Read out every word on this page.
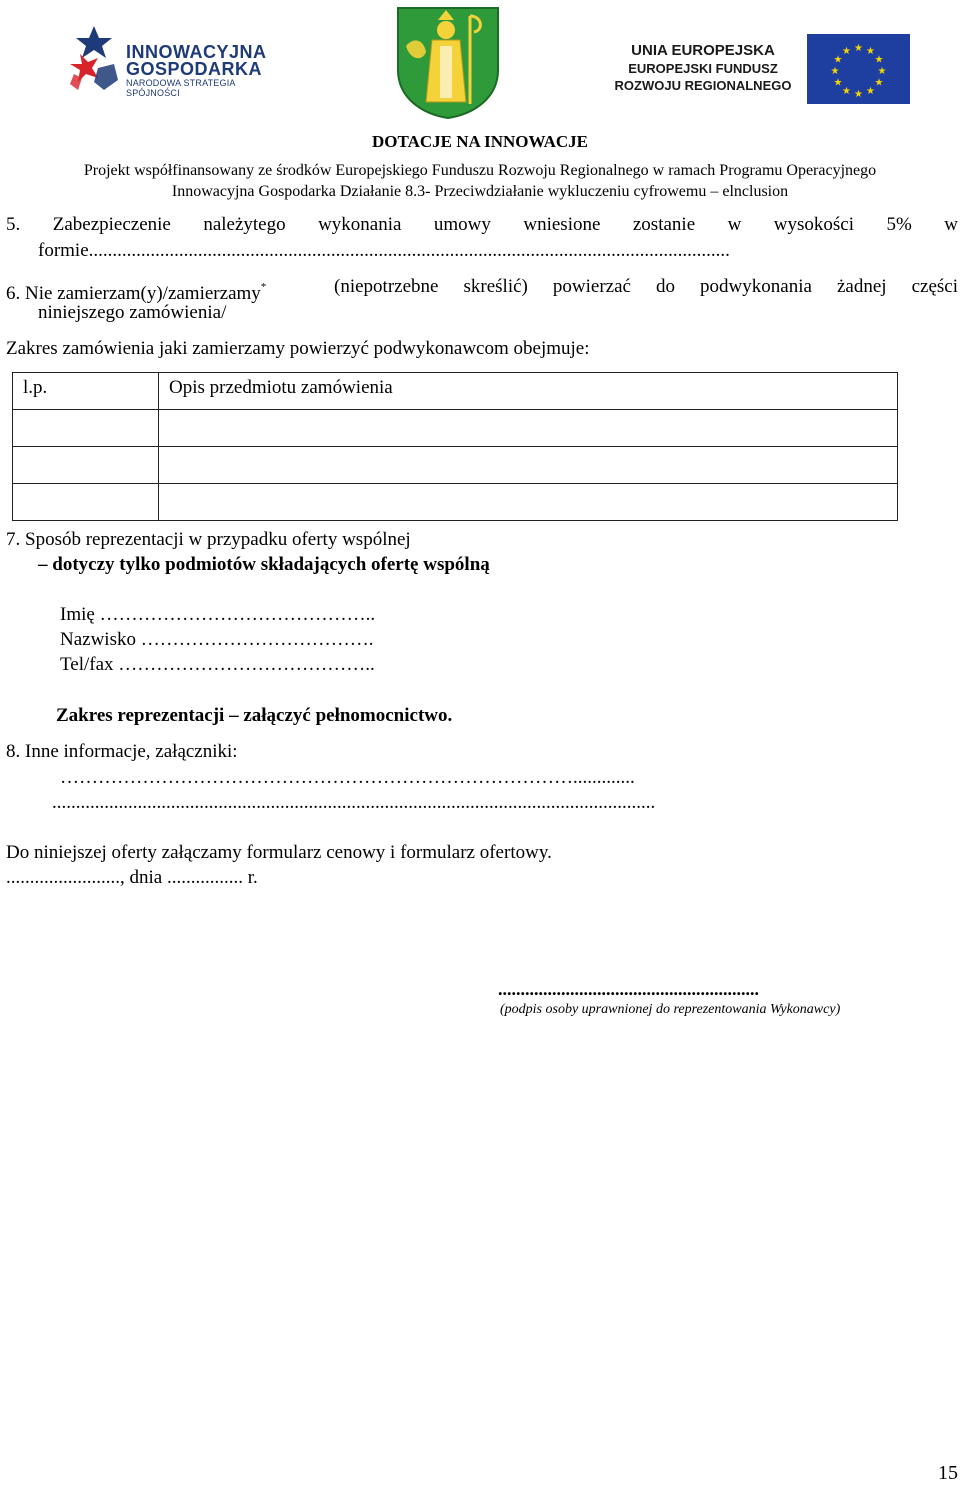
INNOWACYJNA
GOSPODARKA
NARODOWA STRATEGIA SPÓJNOŚCI
UNIA EUROPEJSKA
EUROPEJSKI FUNDUSZ
ROZWOJU REGIONALNEGO
★ ★
★
★
★
★
★
★
★
★
★
★
DOTACJE NA INNOWACJE
Projekt współfinansowany ze środków Europejskiego Funduszu Rozwoju Regionalnego w ramach Programu Operacyjnego
Innowacyjna Gospodarka Działanie 8.3- Przeciwdziałanie wykluczeniu cyfrowemu – elnclusion
5. Zabezpieczenie należytego wykonania umowy wniesione zostanie w wysokości 5% w
formie.......................................................................................................................................
6. Nie zamierzam(y)/zamierzamy*	(niepotrzebne skreślić) powierzać do podwykonania żadnej części
niniejszego zamówienia/
Zakres zamówienia jaki zamierzamy powierzyć podwykonawcom obejmuje:
l.p.	Opis przedmiotu zamówienia

7. Sposób reprezentacji w przypadku oferty wspólnej
– dotyczy tylko podmiotów składających ofertę wspólną
Imię ……………………………………..
Nazwisko ……………………………….
Tel/fax …………………………………..
Zakres reprezentacji – załączyć pełnomocnictwo.
8. Inne informacje, załączniki:
……………………………………………………………………….............
...............................................................................................................................
Do niniejszej oferty załączamy formularz cenowy i formularz ofertowy.
........................, dnia ................ r.
..........................................................
(podpis osoby uprawnionej do reprezentowania Wykonawcy)
15
